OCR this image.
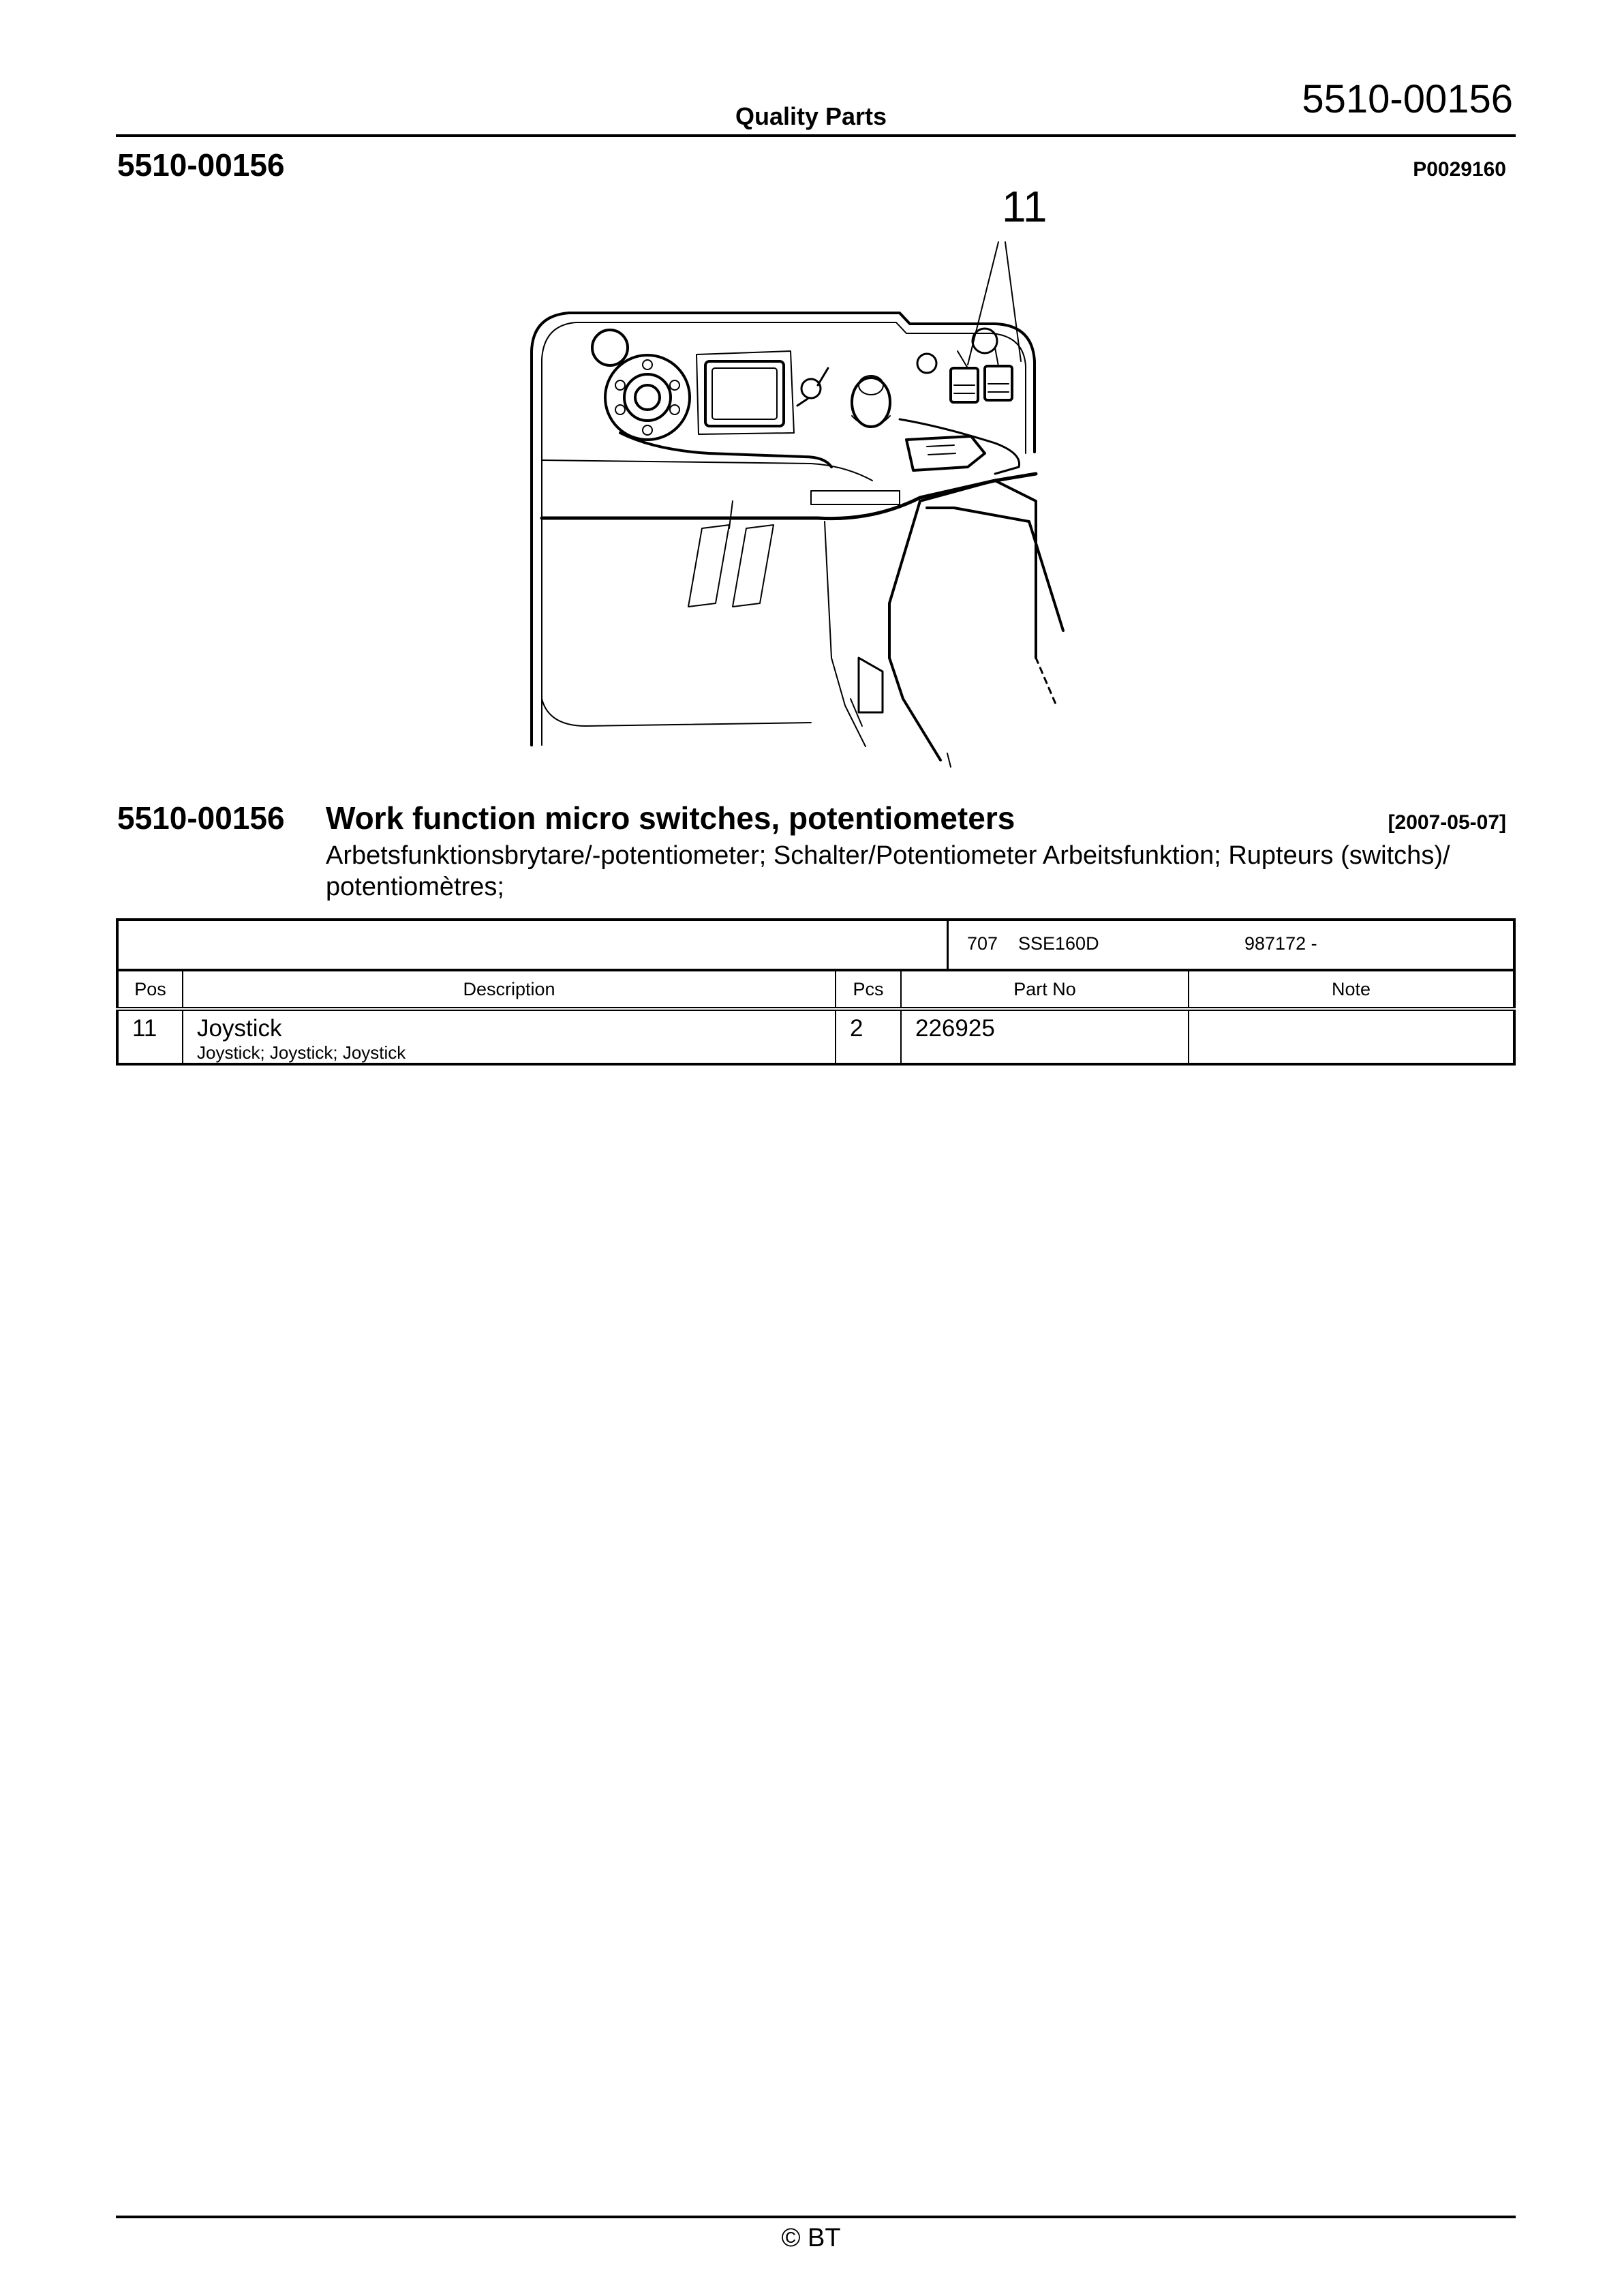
Quality Parts	5510-00156
5510-00156	P0029160
11
5510-00156 Work function micro switches, potentiometers	[2007-05-07]
Arbetsfunktionsbrytare/-potentiometer; Schalter/Potentiometer Arbeitsfunktion; Rupteurs (switchs)/ potentiomètres;
707 SSE160D	987172 -
Pos	Description	Pcs	Part No	Note

11	Joystick
Joystick; Joystick; Joystick	2	226925	

© BT
